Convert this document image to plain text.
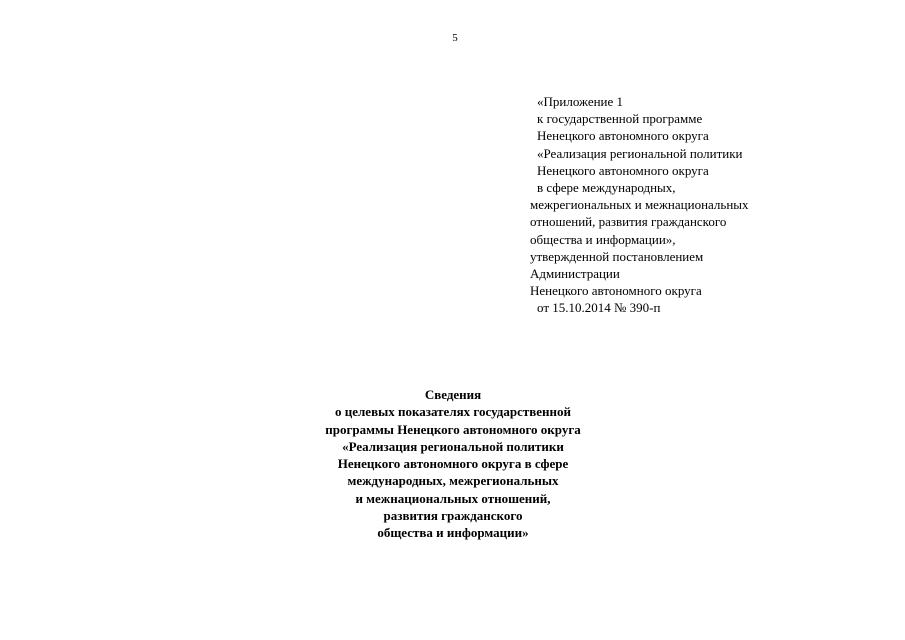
5
«Приложение 1
к государственной программе
Ненецкого автономного округа
«Реализация региональной политики
Ненецкого автономного округа
в сфере международных,
межрегиональных и межнациональных
отношений, развития гражданского
общества и информации»,
утвержденной постановлением
Администрации
Ненецкого автономного округа
от 15.10.2014 № 390-п
Сведения
о целевых показателях государственной
программы Ненецкого автономного округа
«Реализация региональной политики
Ненецкого автономного округа в сфере
международных, межрегиональных
и межнациональных отношений,
развития гражданского
общества и информации»
